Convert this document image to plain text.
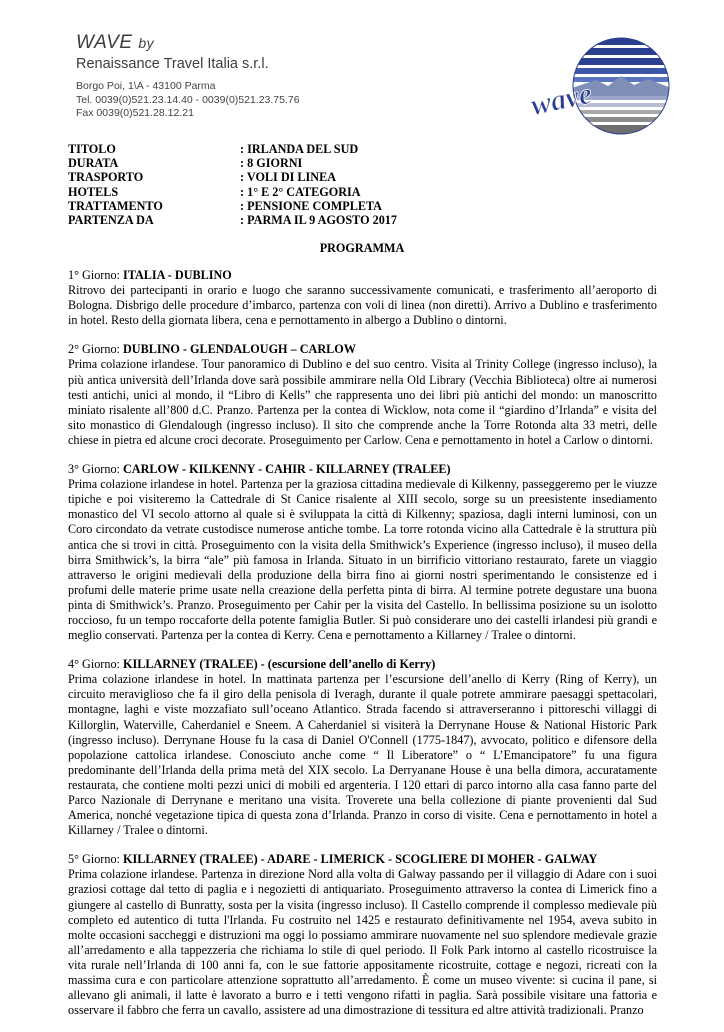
WAVE by
Renaissance Travel Italia s.r.l.
Borgo Poi, 1\A - 43100 Parma
Tel. 0039(0)521.23.14.40 - 0039(0)521.23.75.76
Fax 0039(0)521.28.12.21	wave
TITOLO	: IRLANDA DEL SUD
DURATA	: 8 GIORNI
TRASPORTO	: VOLI DI LINEA
HOTELS	: 1° E 2° CATEGORIA
TRATTAMENTO	: PENSIONE COMPLETA
PARTENZA DA	: PARMA IL 9 AGOSTO 2017
PROGRAMMA
1° Giorno: ITALIA - DUBLINO
Ritrovo dei partecipanti in orario e luogo che saranno successivamente comunicati, e trasferimento all’aeroporto di Bologna. Disbrigo delle procedure d’imbarco, partenza con voli di linea (non diretti). Arrivo a Dublino e trasferimento in hotel. Resto della giornata libera, cena e pernottamento in albergo a Dublino o dintorni.
2° Giorno: DUBLINO - GLENDALOUGH – CARLOW
Prima colazione irlandese. Tour panoramico di Dublino e del suo centro. Visita al Trinity College (ingresso incluso), la più antica università dell’Irlanda dove sarà possibile ammirare nella Old Library (Vecchia Biblioteca) oltre ai numerosi testi antichi, unici al mondo, il “Libro di Kells” che rappresenta uno dei libri più antichi del mondo: un manoscritto miniato risalente all’800 d.C. Pranzo. Partenza per la contea di Wicklow, nota come il “giardino d’Irlanda” e visita del sito monastico di Glendalough (ingresso incluso). Il sito che comprende anche la Torre Rotonda alta 33 metri, delle chiese in pietra ed alcune croci decorate. Proseguimento per Carlow. Cena e pernottamento in hotel a Carlow o dintorni.
3° Giorno: CARLOW - KILKENNY - CAHIR - KILLARNEY (TRALEE)
Prima colazione irlandese in hotel. Partenza per la graziosa cittadina medievale di Kilkenny, passeggeremo per le viuzze tipiche e poi visiteremo la Cattedrale di St Canice risalente al XIII secolo, sorge su un preesistente insediamento monastico del VI secolo attorno al quale si è sviluppata la città di Kilkenny; spaziosa, dagli interni luminosi, con un Coro circondato da vetrate custodisce numerose antiche tombe. La torre rotonda vicino alla Cattedrale è la struttura più antica che si trovi in città. Proseguimento con la visita della Smithwick’s Experience (ingresso incluso), il museo della birra Smithwick’s, la birra “ale” più famosa in Irlanda. Situato in un birrificio vittoriano restaurato, farete un viaggio attraverso le origini medievali della produzione della birra fino ai giorni nostri sperimentando le consistenze ed i profumi delle materie prime usate nella creazione della perfetta pinta di birra. Al termine potrete degustare una buona pinta di Smithwick’s. Pranzo. Proseguimento per Cahir per la visita del Castello. In bellissima posizione su un isolotto roccioso, fu un tempo roccaforte della potente famiglia Butler. Si può considerare uno dei castelli irlandesi più grandi e meglio conservati. Partenza per la contea di Kerry. Cena e pernottamento a Killarney / Tralee o dintorni.
4° Giorno: KILLARNEY (TRALEE) - (escursione dell’anello di Kerry)
Prima colazione irlandese in hotel. In mattinata partenza per l’escursione dell’anello di Kerry (Ring of Kerry), un circuito meraviglioso che fa il giro della penisola di Iveragh, durante il quale potrete ammirare paesaggi spettacolari, montagne, laghi e viste mozzafiato sull’oceano Atlantico. Strada facendo si attraverseranno i pittoreschi villaggi di Killorglin, Waterville, Caherdaniel e Sneem. A Caherdaniel si visiterà la Derrynane House & National Historic Park (ingresso incluso). Derrynane House fu la casa di Daniel O'Connell (1775-1847), avvocato, politico e difensore della popolazione cattolica irlandese. Conosciuto anche come “ Il Liberatore” o “ L’Emancipatore” fu una figura predominante dell’Irlanda della prima metà del XIX secolo. La Derryanane House è una bella dimora, accuratamente restaurata, che contiene molti pezzi unici di mobili ed argenteria. I 120 ettari di parco intorno alla casa fanno parte del Parco Nazionale di Derrynane e meritano una visita. Troverete una bella collezione di piante provenienti dal Sud America, nonché vegetazione tipica di questa zona d’Irlanda. Pranzo in corso di visite. Cena e pernottamento in hotel a Killarney / Tralee o dintorni.
5° Giorno: KILLARNEY (TRALEE) - ADARE - LIMERICK - SCOGLIERE DI MOHER - GALWAY
Prima colazione irlandese. Partenza in direzione Nord alla volta di Galway passando per il villaggio di Adare con i suoi graziosi cottage dal tetto di paglia e i negozietti di antiquariato. Proseguimento attraverso la contea di Limerick fino a giungere al castello di Bunratty, sosta per la visita (ingresso incluso). Il Castello comprende il complesso medievale più completo ed autentico di tutta l'Irlanda. Fu costruito nel 1425 e restaurato definitivamente nel 1954, aveva subito in molte occasioni saccheggi e distruzioni ma oggi lo possiamo ammirare nuovamente nel suo splendore medievale grazie all’arredamento e alla tappezzeria che richiama lo stile di quel periodo. Il Folk Park intorno al castello ricostruisce la vita rurale nell’Irlanda di 100 anni fa, con le sue fattorie appositamente ricostruite, cottage e negozi, ricreati con la massima cura e con particolare attenzione soprattutto all’arredamento. È come un museo vivente: si cucina il pane, si allevano gli animali, il latte è lavorato a burro e i tetti vengono rifatti in paglia. Sarà possibile visitare una fattoria e osservare il fabbro che ferra un cavallo, assistere ad una dimostrazione di tessitura ed altre attività tradizionali. Pranzo
